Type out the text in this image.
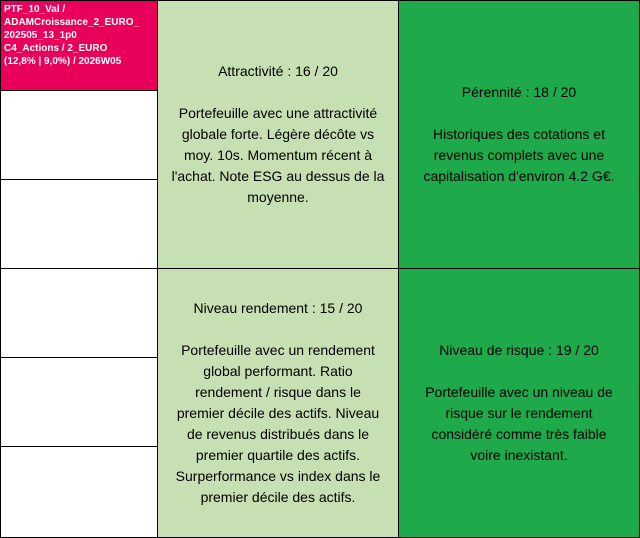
PTF_10_Val /
ADAMCroissance_2_EURO_
202505_13_1p0
C4_Actions / 2_EURO
(12,8% | 9,0%) / 2026W05
Attractivité : 16 / 20
Portefeuille avec une attractivité
globale forte. Légère décôte vs
moy. 10s. Momentum récent à
l'achat. Note ESG au dessus de la
moyenne.
Pérennité : 18 / 20
Historiques des cotations et
revenus complets avec une
capitalisation d'environ 4.2 G€.
Niveau rendement : 15 / 20
Portefeuille avec un rendement
global performant. Ratio
rendement / risque dans le
premier décile des actifs. Niveau
de revenus distribués dans le
premier quartile des actifs.
Surperformance vs index dans le
premier décile des actifs.
Niveau de risque : 19 / 20
Portefeuille avec un niveau de
risque sur le rendement
considéré comme très faible
voire inexistant.
